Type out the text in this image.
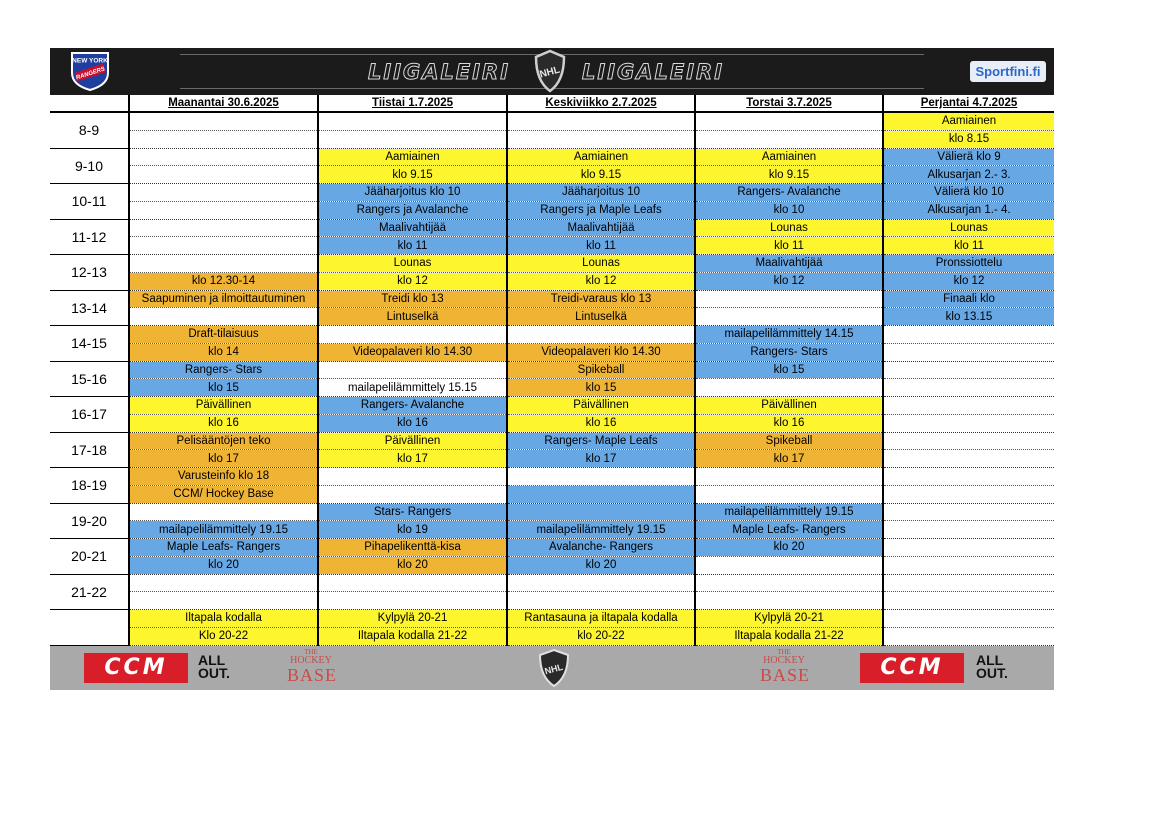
NEW YORK
RANGERS	LIIGALEIRI	NHL LIIGALEIRI	Sportfini.fi
	Maanantai 30.6.2025	Tiistai 1.7.2025	Keskiviikko 2.7.2025	Torstai 3.7.2025	Perjantai 4.7.2025
8-9					Aamiainen
					klo 8.15
9-10		Aamiainen	Aamiainen	Aamiainen	Välierä klo 9
		klo 9.15	klo 9.15	klo 9.15	Alkusarjan 2.- 3.
10-11		Jääharjoitus klo 10	Jääharjoitus 10	Rangers- Avalanche	Välierä klo 10
		Rangers ja Avalanche	Rangers ja Maple Leafs	klo 10	Alkusarjan 1.- 4.
11-12		Maalivahtijää	Maalivahtijää	Lounas	Lounas
		klo 11	klo 11	klo 11	klo 11
12-13		Lounas	Lounas	Maalivahtijää	Pronssiottelu
	klo 12.30-14	klo 12	klo 12	klo 12	klo 12
13-14	Saapuminen ja ilmoittautuminen	Treidi klo 13	Treidi-varaus klo 13		Finaali klo
		Lintuselkä	Lintuselkä		klo 13.15
14-15	Draft-tilaisuus			mailapelilämmittely 14.15	
	klo 14	Videopalaveri klo 14.30	Videopalaveri klo 14.30	Rangers- Stars	
15-16	Rangers- Stars		Spikeball	klo 15	
	klo 15	mailapelilämmittely 15.15	klo 15		
16-17	Päivällinen	Rangers- Avalanche	Päivällinen	Päivällinen	
	klo 16	klo 16	klo 16	klo 16	
17-18	Pelisääntöjen teko	Päivällinen	Rangers- Maple Leafs	Spikeball	
	klo 17	klo 17	klo 17	klo 17	
18-19	Varusteinfo klo 18				
	CCM/ Hockey Base				
19-20		Stars- Rangers		mailapelilämmittely 19.15	
	mailapelilämmittely 19.15	klo 19	mailapelilämmittely 19.15	Maple Leafs- Rangers	
20-21	Maple Leafs- Rangers	Pihapelikenttä-kisa	Avalanche- Rangers	klo 20	
	klo 20	klo 20	klo 20		
21-22					

	Iltapala kodalla	Kylpylä 20-21	Rantasauna ja iltapala kodalla	Kylpylä 20-21	
	Klo 20-22	Iltapala kodalla 21-22	klo 20-22	Iltapala kodalla 21-22	
CCM	ALL
OUT.
THE
HOCKEY
BASE	NHL
THE
HOCKEY
BASE	CCM	ALL
OUT.
